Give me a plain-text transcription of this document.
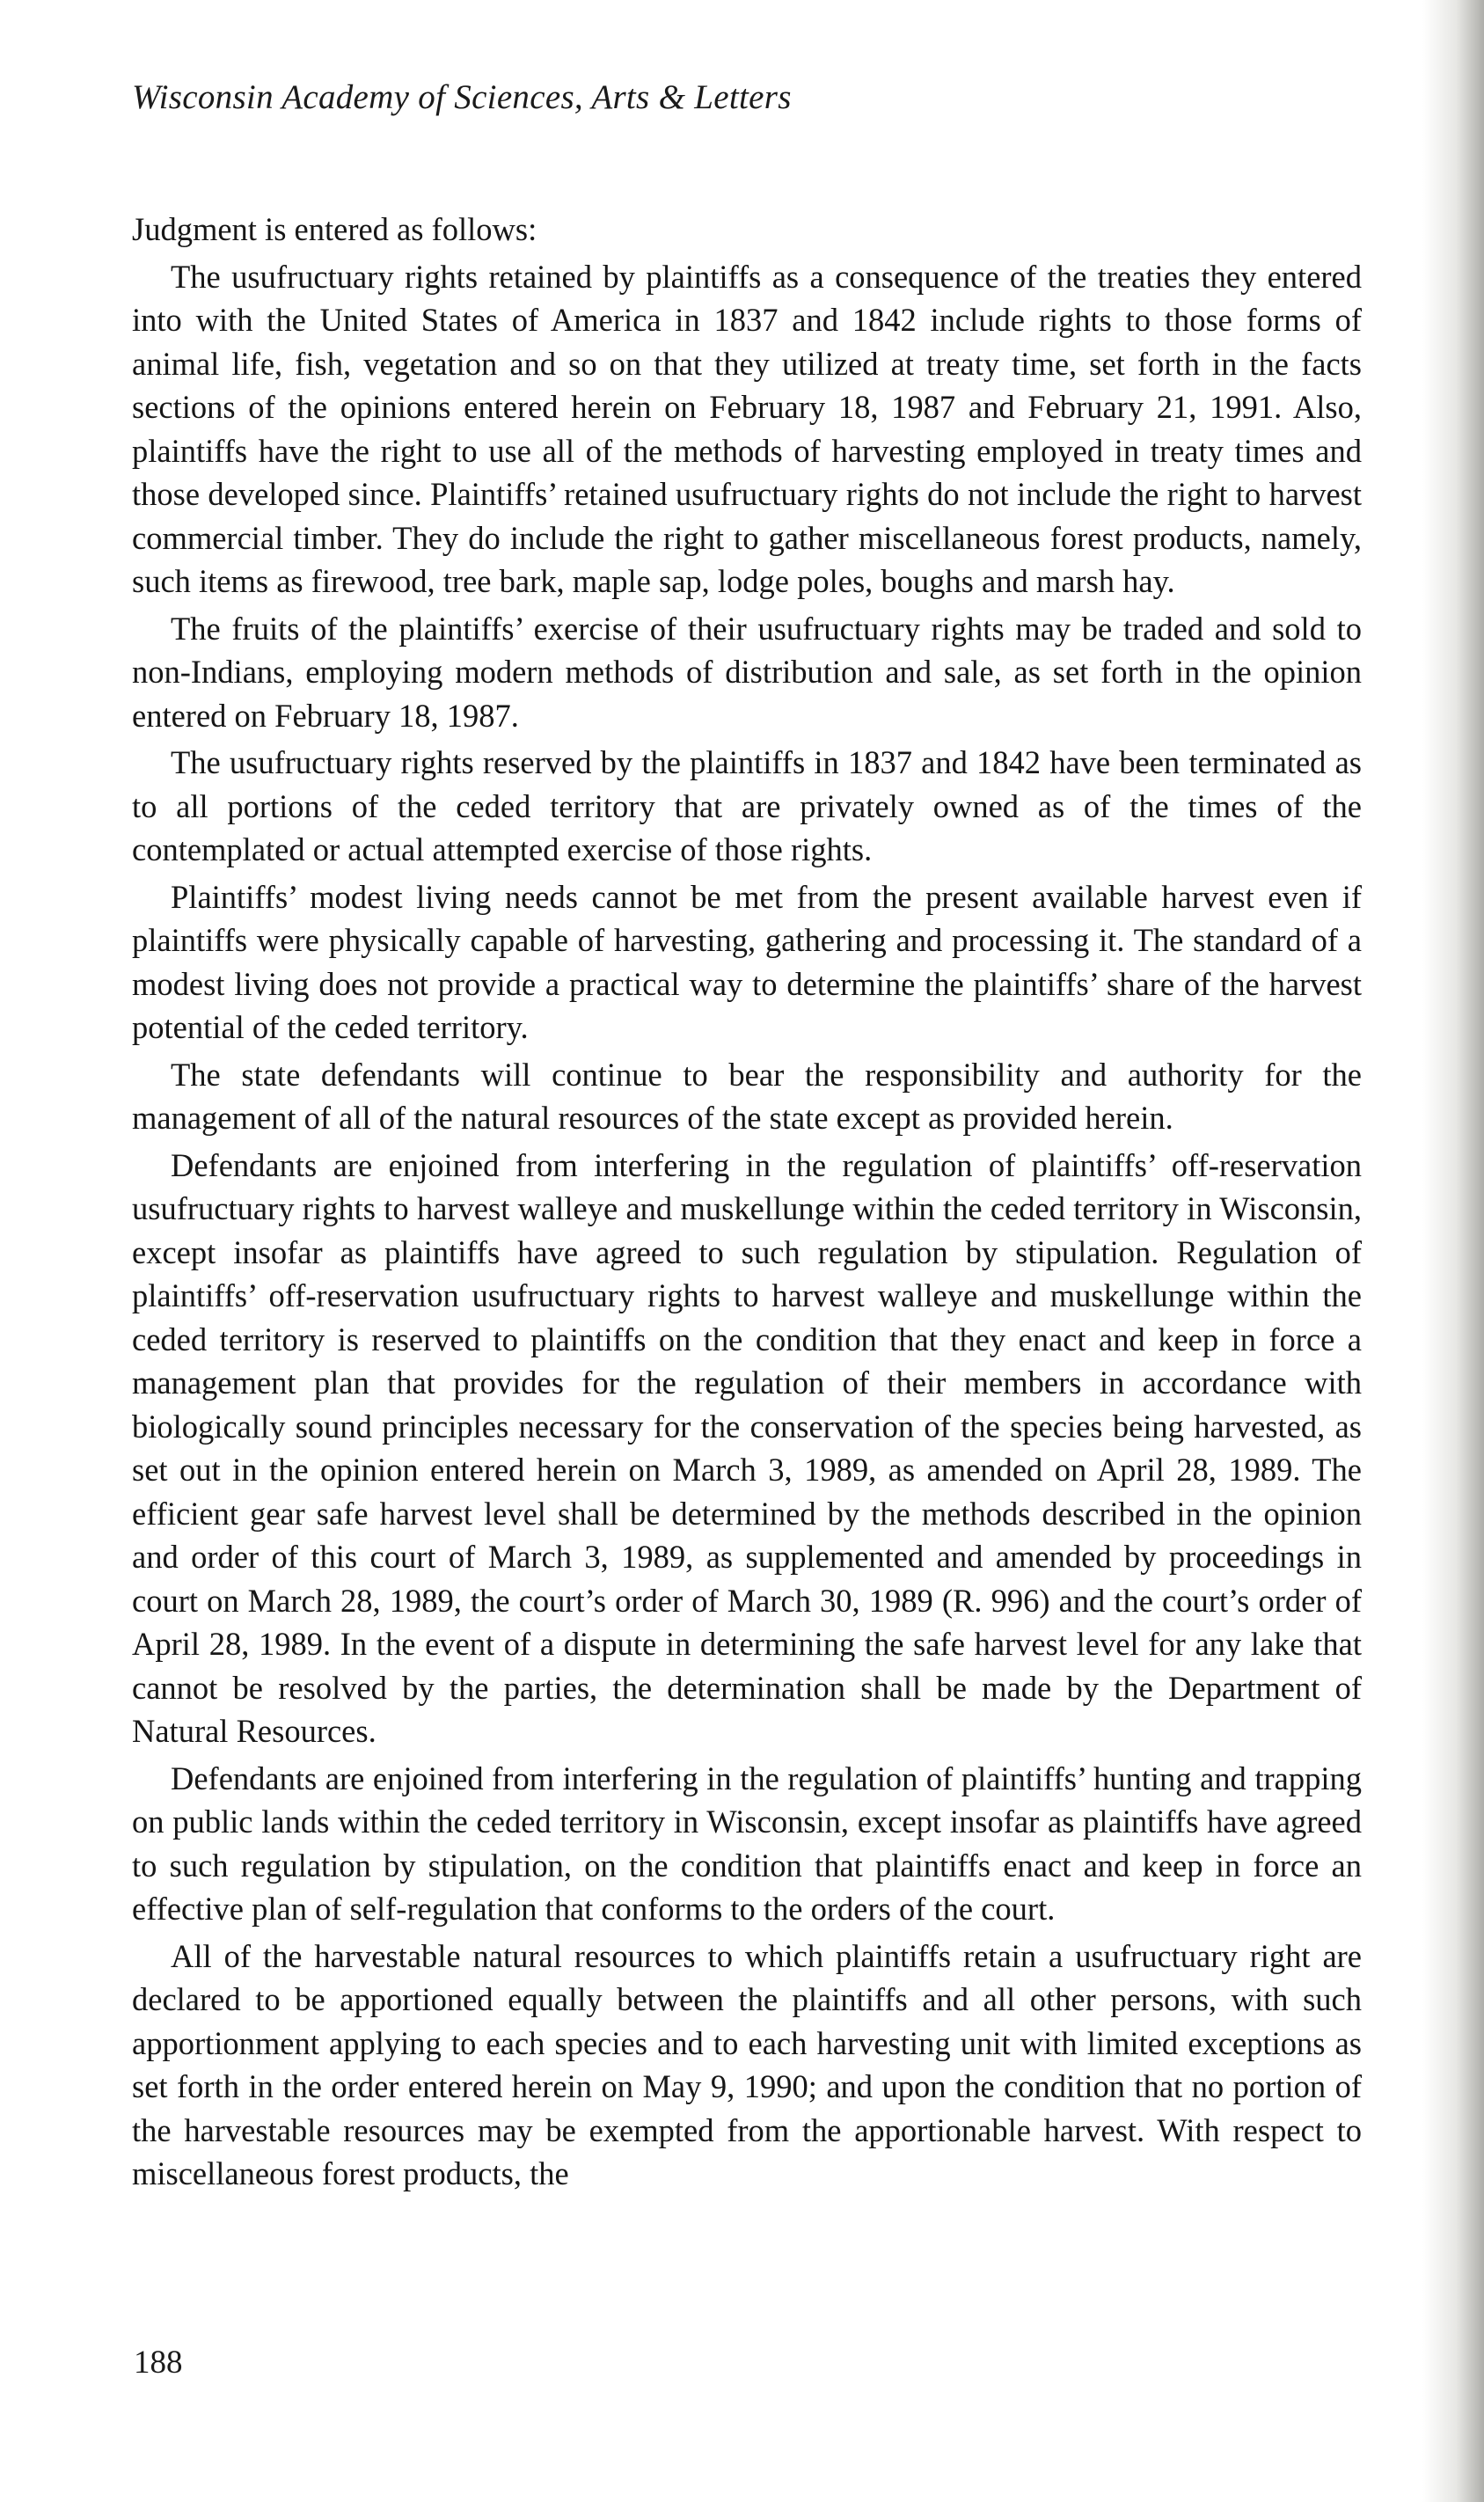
Wisconsin Academy of Sciences, Arts & Letters

Judgment is entered as follows:

The usufructuary rights retained by plaintiffs as a consequence of the treaties they entered into with the United States of America in 1837 and 1842 include rights to those forms of animal life, fish, vegetation and so on that they utilized at treaty time, set forth in the facts sections of the opinions entered herein on February 18, 1987 and February 21, 1991. Also, plaintiffs have the right to use all of the methods of harvesting employed in treaty times and those developed since. Plaintiffs’ retained usufructuary rights do not include the right to harvest commercial timber. They do include the right to gather miscellaneous forest products, namely, such items as firewood, tree bark, maple sap, lodge poles, boughs and marsh hay.

The fruits of the plaintiffs’ exercise of their usufructuary rights may be traded and sold to non-Indians, employing modern methods of distribution and sale, as set forth in the opinion entered on February 18, 1987.

The usufructuary rights reserved by the plaintiffs in 1837 and 1842 have been terminated as to all portions of the ceded territory that are privately owned as of the times of the contemplated or actual attempted exercise of those rights.

Plaintiffs’ modest living needs cannot be met from the present available harvest even if plaintiffs were physically capable of harvesting, gathering and processing it. The standard of a modest living does not provide a practical way to determine the plaintiffs’ share of the harvest potential of the ceded territory.

The state defendants will continue to bear the responsibility and authority for the management of all of the natural resources of the state except as provided herein.

Defendants are enjoined from interfering in the regulation of plaintiffs’ off-reservation usufructuary rights to harvest walleye and muskellunge within the ceded territory in Wisconsin, except insofar as plaintiffs have agreed to such regulation by stipulation. Regulation of plaintiffs’ off-reservation usufructuary rights to harvest walleye and muskellunge within the ceded territory is reserved to plaintiffs on the condition that they enact and keep in force a management plan that provides for the regulation of their members in accordance with biologically sound principles necessary for the conservation of the species being harvested, as set out in the opinion entered herein on March 3, 1989, as amended on April 28, 1989. The efficient gear safe harvest level shall be determined by the methods described in the opinion and order of this court of March 3, 1989, as supplemented and amended by proceedings in court on March 28, 1989, the court’s order of March 30, 1989 (R. 996) and the court’s order of April 28, 1989. In the event of a dispute in determining the safe harvest level for any lake that cannot be resolved by the parties, the determination shall be made by the Department of Natural Resources.

Defendants are enjoined from interfering in the regulation of plaintiffs’ hunting and trapping on public lands within the ceded territory in Wisconsin, except insofar as plaintiffs have agreed to such regulation by stipulation, on the condition that plaintiffs enact and keep in force an effective plan of self-regulation that conforms to the orders of the court.

All of the harvestable natural resources to which plaintiffs retain a usufructuary right are declared to be apportioned equally between the plaintiffs and all other persons, with such apportionment applying to each species and to each harvesting unit with limited exceptions as set forth in the order entered herein on May 9, 1990; and upon the condition that no portion of the harvestable resources may be exempted from the apportionable harvest. With respect to miscellaneous forest products, the

188
